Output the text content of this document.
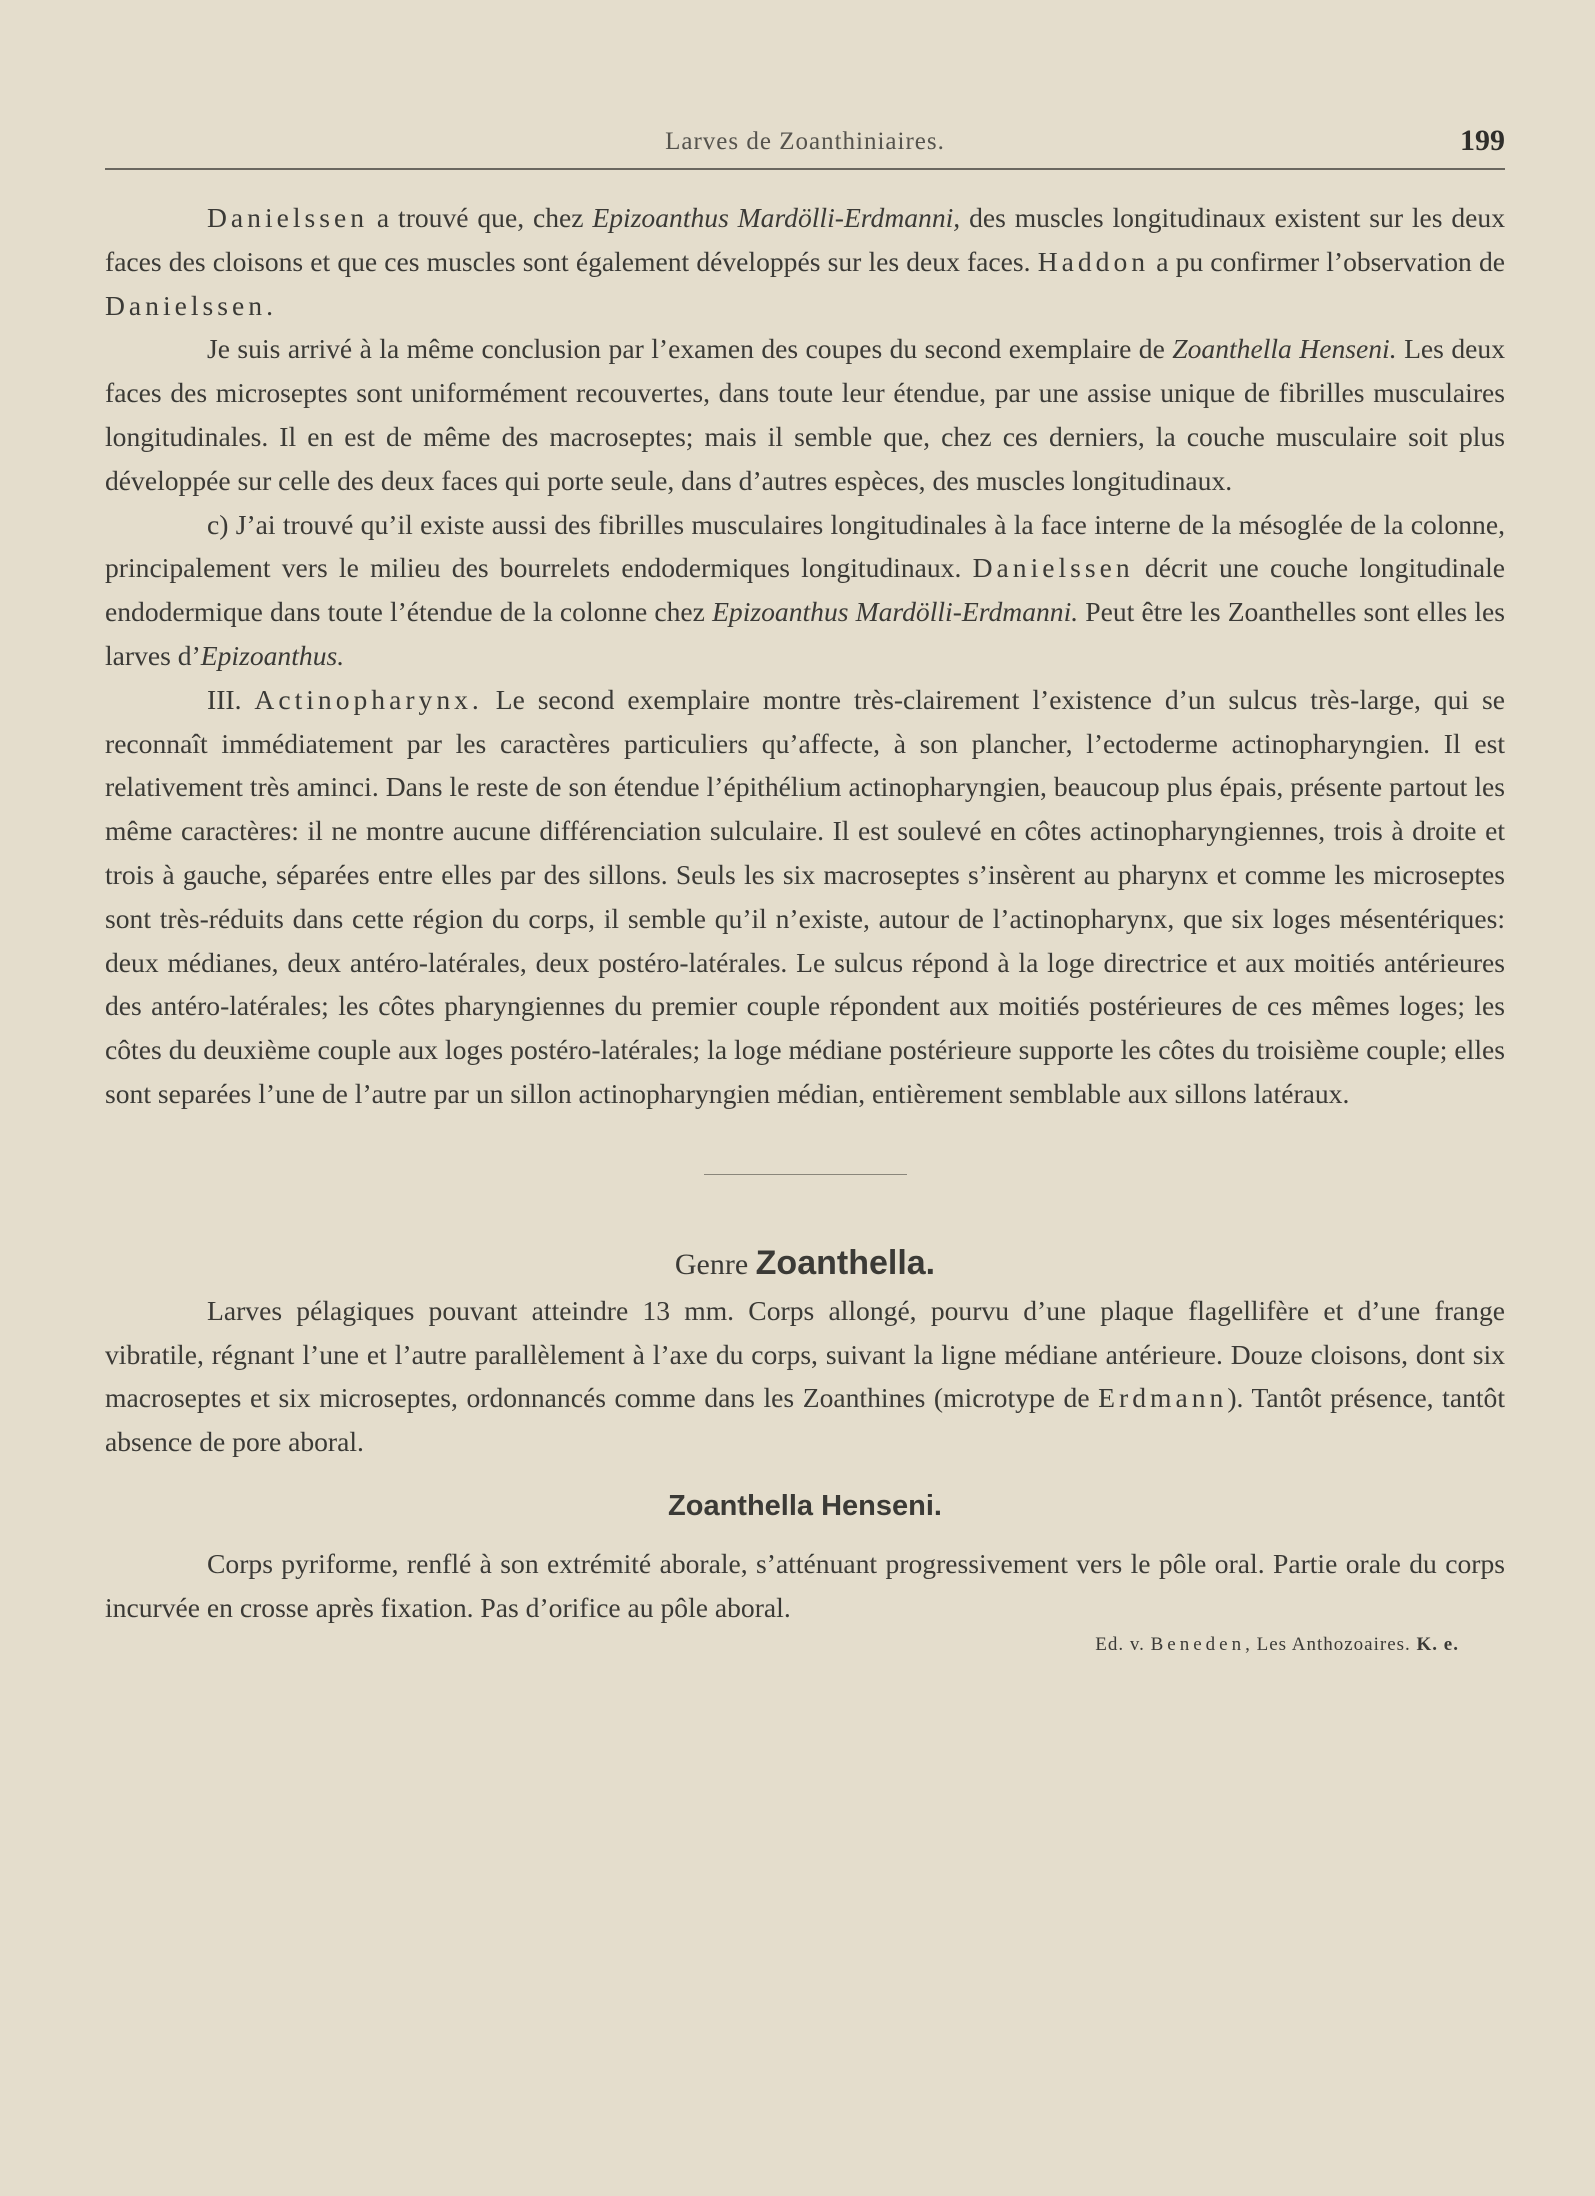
Larves de Zoanthiniaires.	199

Danielssen a trouvé que, chez Epizoanthus Mardölli-Erdmanni, des muscles longitudinaux existent sur les deux faces des cloisons et que ces muscles sont également développés sur les deux faces. Haddon a pu confirmer l’observation de Danielssen.

Je suis arrivé à la même conclusion par l’examen des coupes du second exemplaire de Zoanthella Henseni. Les deux faces des microseptes sont uniformément recouvertes, dans toute leur étendue, par une assise unique de fibrilles musculaires longitudinales. Il en est de même des macroseptes; mais il semble que, chez ces derniers, la couche musculaire soit plus développée sur celle des deux faces qui porte seule, dans d’autres espèces, des muscles longitudinaux.

c) J’ai trouvé qu’il existe aussi des fibrilles musculaires longitudinales à la face interne de la mésoglée de la colonne, principalement vers le milieu des bourrelets endodermiques longitudinaux. Danielssen décrit une couche longitudinale endodermique dans toute l’étendue de la colonne chez Epizoanthus Mardölli-Erdmanni. Peut être les Zoanthelles sont elles les larves d’Epizoanthus.

III. Actinopharynx. Le second exemplaire montre très-clairement l’existence d’un sulcus très-large, qui se reconnaît immédiatement par les caractères particuliers qu’affecte, à son plancher, l’ectoderme actinopharyngien. Il est relativement très aminci. Dans le reste de son étendue l’épithélium actinopharyngien, beaucoup plus épais, présente partout les même caractères: il ne montre aucune différenciation sulculaire. Il est soulevé en côtes actinopharyngiennes, trois à droite et trois à gauche, séparées entre elles par des sillons. Seuls les six macroseptes s’insèrent au pharynx et comme les microseptes sont très-réduits dans cette région du corps, il semble qu’il n’existe, autour de l’actinopharynx, que six loges mésentériques: deux médianes, deux antéro-latérales, deux postéro-latérales. Le sulcus répond à la loge directrice et aux moitiés antérieures des antéro-latérales; les côtes pharyngiennes du premier couple répondent aux moitiés postérieures de ces mêmes loges; les côtes du deuxième couple aux loges postéro-latérales; la loge médiane postérieure supporte les côtes du troisième couple; elles sont separées l’une de l’autre par un sillon actinopharyngien médian, entièrement semblable aux sillons latéraux.

Genre Zoanthella.

Larves pélagiques pouvant atteindre 13 mm. Corps allongé, pourvu d’une plaque flagellifère et d’une frange vibratile, régnant l’une et l’autre parallèlement à l’axe du corps, suivant la ligne médiane antérieure. Douze cloisons, dont six macroseptes et six microseptes, ordonnancés comme dans les Zoanthines (microtype de Erdmann). Tantôt présence, tantôt absence de pore aboral.

Zoanthella Henseni.

Corps pyriforme, renflé à son extrémité aborale, s’atténuant progressivement vers le pôle oral. Partie orale du corps incurvée en crosse après fixation. Pas d’orifice au pôle aboral.

Ed. v. Beneden, Les Anthozoaires. K. e.
